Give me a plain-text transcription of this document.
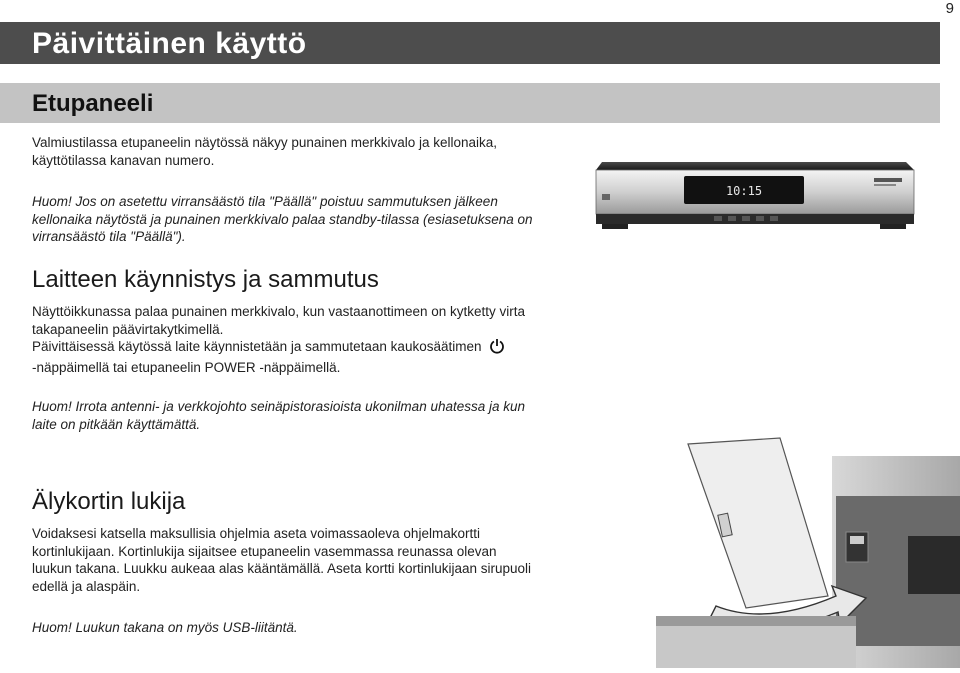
9
Päivittäinen käyttö
Etupaneeli
Valmiustilassa etupaneelin näytössä näkyy punainen merkkivalo ja kellonaika,
käyttötilassa kanavan numero.
Huom! Jos on asetettu virransäästö tila "Päällä" poistuu sammutuksen jälkeen
kellonaika näytöstä ja punainen merkkivalo palaa standby-tilassa (esiasetuksena on
virransäästö tila "Päällä").
10:15
Laitteen käynnistys ja sammutus
Näyttöikkunassa palaa punainen merkkivalo, kun vastaanottimeen on kytketty virta
takapaneelin päävirtakytkimellä.
Päivittäisessä käytössä laite käynnistetään ja sammutetaan kaukosäätimen
-näppäimellä tai etupaneelin POWER -näppäimellä.
Huom! Irrota antenni- ja verkkojohto seinäpistorasioista ukonilman uhatessa ja kun
laite on pitkään käyttämättä.
Älykortin lukija
Voidaksesi katsella maksullisia ohjelmia aseta voimassaoleva ohjelmakortti
kortinlukijaan. Kortinlukija sijaitsee etupaneelin vasemmassa reunassa olevan
luukun takana. Luukku aukeaa alas kääntämällä. Aseta kortti kortinlukijaan sirupuoli
edellä ja alaspäin.
Huom! Luukun takana on myös USB-liitäntä.
